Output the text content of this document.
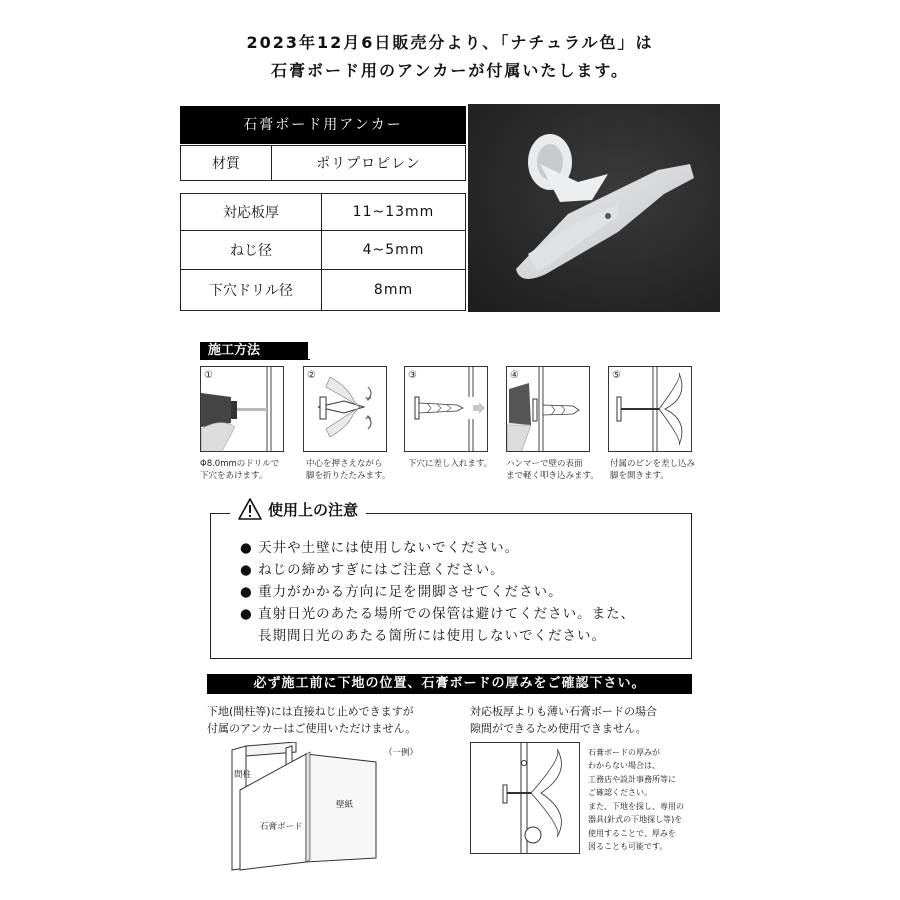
2023年12月6日販売分より、「ナチュラル色」は
石膏ボード用のアンカーが付属いたします。
石膏ボード用アンカー
材質	ポリプロピレン
対応板厚	11~13mm
ねじ径	4~5mm
下穴ドリル径	8mm
施工方法
①
Φ8.0mmのドリルで
下穴をあけます。
②
中心を押さえながら
脚を折りたたみます。
③
下穴に差し入れます。
④
ハンマーで壁の表面
まで軽く叩き込みます。
⑤
付属のピンを差し込み
脚を開きます。
使用上の注意
● 天井や土壁には使用しないでください。
● ねじの締めすぎにはご注意ください。
● 重力がかかる方向に足を開脚させてください。
● 直射日光のあたる場所での保管は避けてください。また、
長期間日光のあたる箇所には使用しないでください。
必ず施工前に下地の位置、石膏ボードの厚みをご確認下さい。
下地(間柱等)には直接ねじ止めできますが
付属のアンカーはご使用いただけません。
（一例）
間柱
石膏ボード
壁紙
対応板厚よりも薄い石膏ボードの場合
隙間ができるため使用できません。
石膏ボードの厚みが
わからない場合は、
工務店や設計事務所等に
ご確認ください。
また、下地を探し、専用の
器具(針式の下地探し等)を
使用することで、厚みを
図ることも可能です。
